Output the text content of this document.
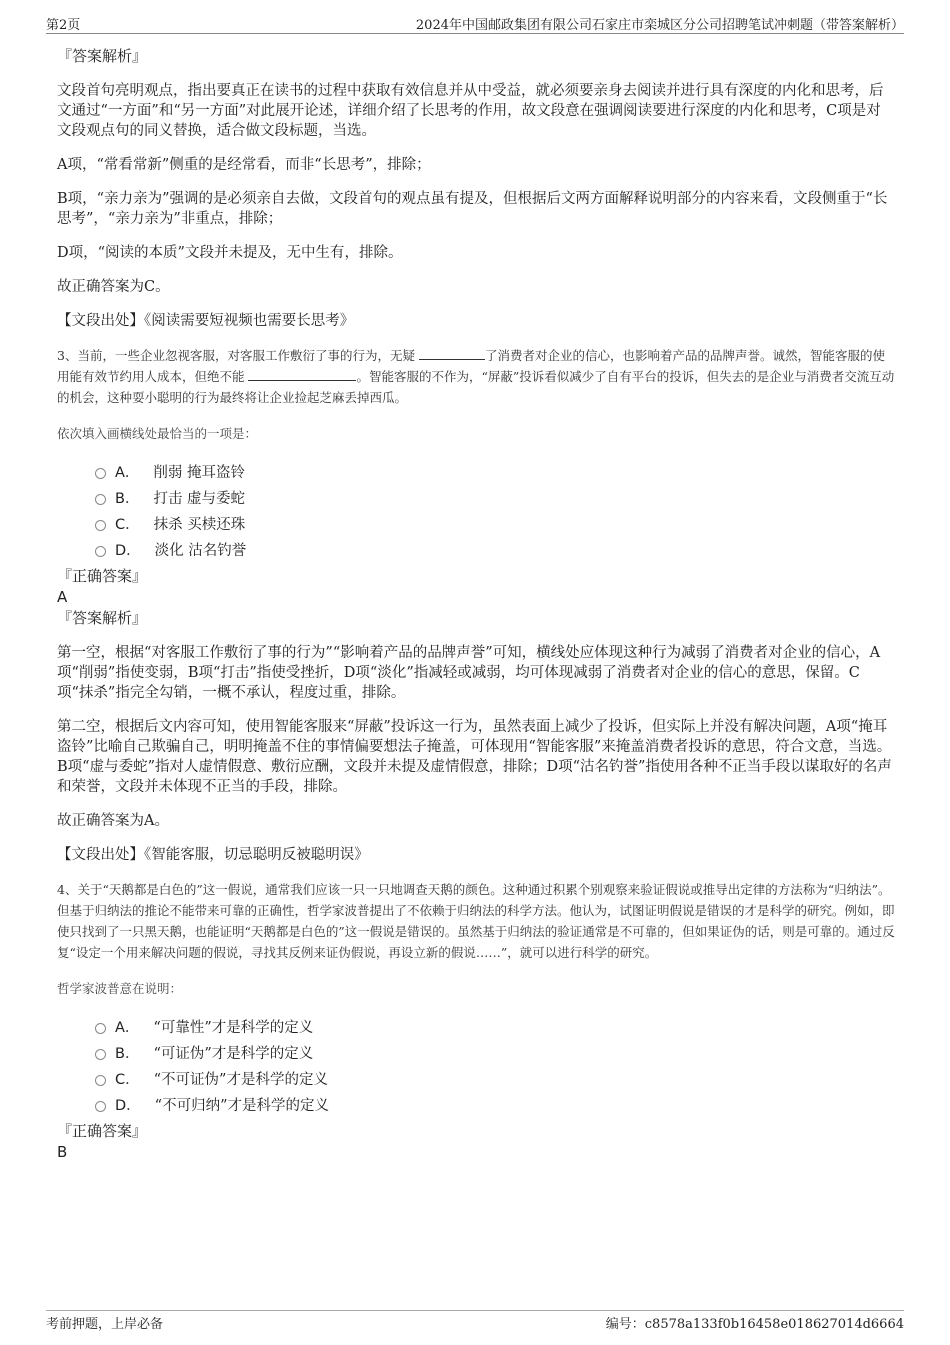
第2页	2024年中国邮政集团有限公司石家庄市栾城区分公司招聘笔试冲刺题（带答案解析）
『答案解析』

文段首句亮明观点，指出要真正在读书的过程中获取有效信息并从中受益，就必须要亲身去阅读并进行具有深度的内化和思考，后文通过“一方面”和“另一方面”对此展开论述，详细介绍了长思考的作用，故文段意在强调阅读要进行深度的内化和思考，C项是对文段观点句的同义替换，适合做文段标题，当选。

A项，“常看常新”侧重的是经常看，而非“长思考”，排除；

B项，“亲力亲为”强调的是必须亲自去做，文段首句的观点虽有提及，但根据后文两方面解释说明部分的内容来看，文段侧重于“长思考”，“亲力亲为”非重点，排除；

D项，“阅读的本质”文段并未提及，无中生有，排除。

故正确答案为C。

【文段出处】《阅读需要短视频也需要长思考》

3、当前，一些企业忽视客服，对客服工作敷衍了事的行为，无疑	了消费者对企业的信心，也影响着产品的品牌声誉。诚然，智能客服的使用能有效节约用人成本，但绝不能	。智能客服的不作为，“屏蔽”投诉看似减少了自有平台的投诉，但失去的是企业与消费者交流互动的机会，这种耍小聪明的行为最终将让企业捡起芝麻丢掉西瓜。
依次填入画横线处最恰当的一项是：
A． 削弱 掩耳盗铃
B． 打击 虚与委蛇
C． 抹杀 买椟还珠
D． 淡化 沽名钓誉
『正确答案』
A
『答案解析』

第一空，根据“对客服工作敷衍了事的行为”“影响着产品的品牌声誉”可知，横线处应体现这种行为减弱了消费者对企业的信心，A项“削弱”指使变弱，B项“打击”指使受挫折，D项“淡化”指减轻或减弱，均可体现减弱了消费者对企业的信心的意思，保留。C项“抹杀”指完全勾销，一概不承认，程度过重，排除。

第二空，根据后文内容可知，使用智能客服来“屏蔽”投诉这一行为，虽然表面上减少了投诉，但实际上并没有解决问题，A项“掩耳盗铃”比喻自己欺骗自己，明明掩盖不住的事情偏要想法子掩盖，可体现用“智能客服”来掩盖消费者投诉的意思，符合文意，当选。B项“虚与委蛇”指对人虚情假意、敷衍应酬，文段并未提及虚情假意，排除；D项“沽名钓誉”指使用各种不正当手段以谋取好的名声和荣誉，文段并未体现不正当的手段，排除。

故正确答案为A。

【文段出处】《智能客服，切忌聪明反被聪明误》

4、关于“天鹅都是白色的”这一假说，通常我们应该一只一只地调查天鹅的颜色。这种通过积累个别观察来验证假说或推导出定律的方法称为“归纳法”。但基于归纳法的推论不能带来可靠的正确性，哲学家波普提出了不依赖于归纳法的科学方法。他认为，试图证明假说是错误的才是科学的研究。例如，即使只找到了一只黑天鹅，也能证明“天鹅都是白色的”这一假说是错误的。虽然基于归纳法的验证通常是不可靠的，但如果证伪的话，则是可靠的。通过反复“设定一个用来解决问题的假说，寻找其反例来证伪假说，再设立新的假说……”，就可以进行科学的研究。
哲学家波普意在说明：
A． “可靠性”才是科学的定义
B． “可证伪”才是科学的定义
C． “不可证伪”才是科学的定义
D． “不可归纳”才是科学的定义
『正确答案』
B
考前押题，上岸必备	编号：c8578a133f0b16458e018627014d6664
